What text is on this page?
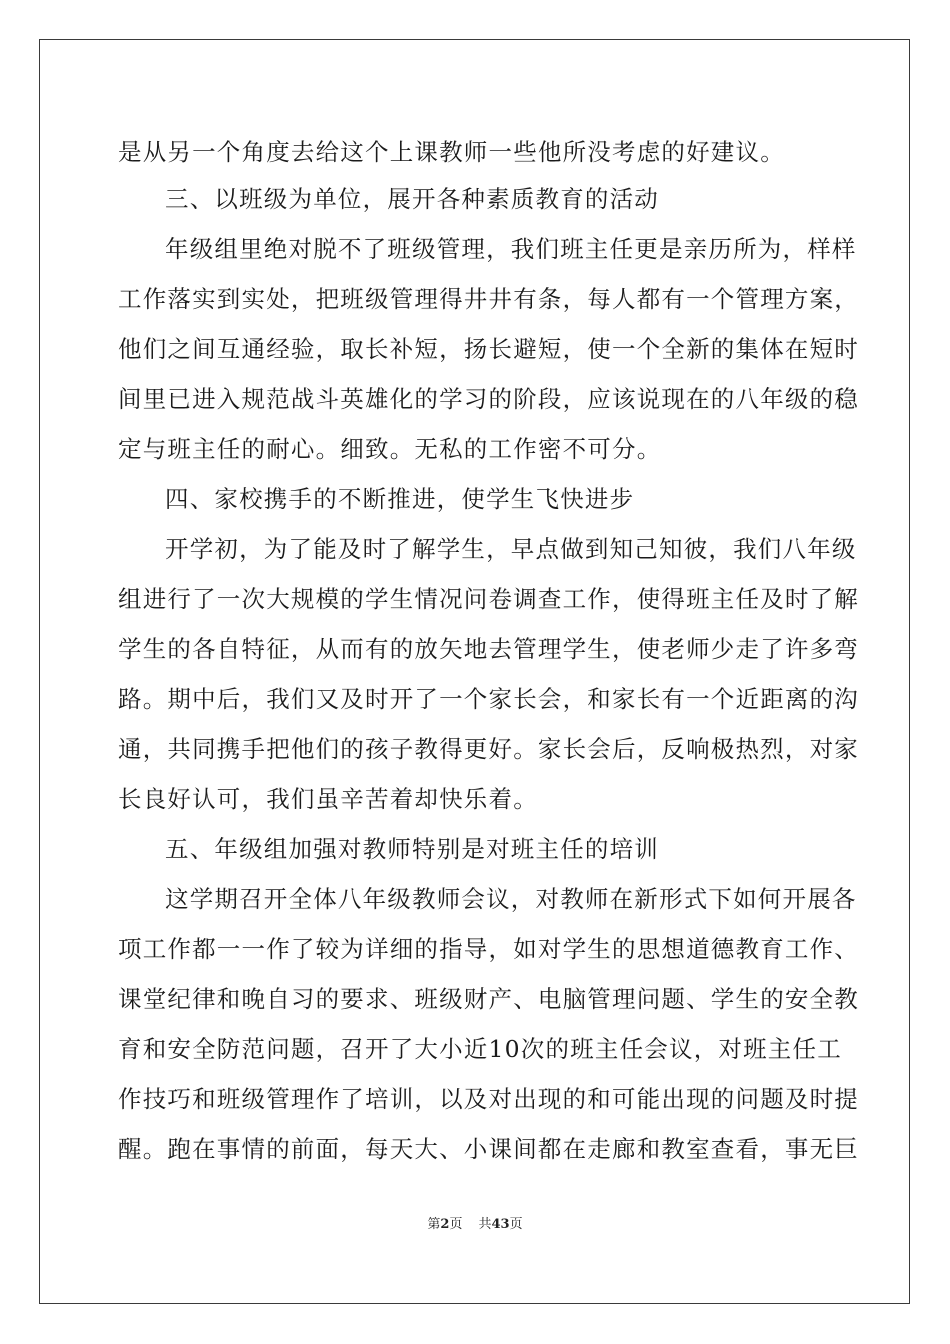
是从另一个角度去给这个上课教师一些他所没考虑的好建议。
三、以班级为单位，展开各种素质教育的活动
年级组里绝对脱不了班级管理，我们班主任更是亲历所为，样样
工作落实到实处，把班级管理得井井有条，每人都有一个管理方案，
他们之间互通经验，取长补短，扬长避短，使一个全新的集体在短时
间里已进入规范战斗英雄化的学习的阶段，应该说现在的八年级的稳
定与班主任的耐心。细致。无私的工作密不可分。
四、家校携手的不断推进，使学生飞快进步
开学初，为了能及时了解学生，早点做到知己知彼，我们八年级
组进行了一次大规模的学生情况问卷调查工作，使得班主任及时了解
学生的各自特征，从而有的放矢地去管理学生，使老师少走了许多弯
路。期中后，我们又及时开了一个家长会，和家长有一个近距离的沟
通，共同携手把他们的孩子教得更好。家长会后，反响极热烈，对家
长良好认可，我们虽辛苦着却快乐着。
五、年级组加强对教师特别是对班主任的培训
这学期召开全体八年级教师会议，对教师在新形式下如何开展各
项工作都一一作了较为详细的指导，如对学生的思想道德教育工作、
课堂纪律和晚自习的要求、班级财产、电脑管理问题、学生的安全教
育和安全防范问题，召开了大小近10次的班主任会议，对班主任工
作技巧和班级管理作了培训，以及对出现的和可能出现的问题及时提
醒。跑在事情的前面，每天大、小课间都在走廊和教室查看，事无巨
第2页 共43页
